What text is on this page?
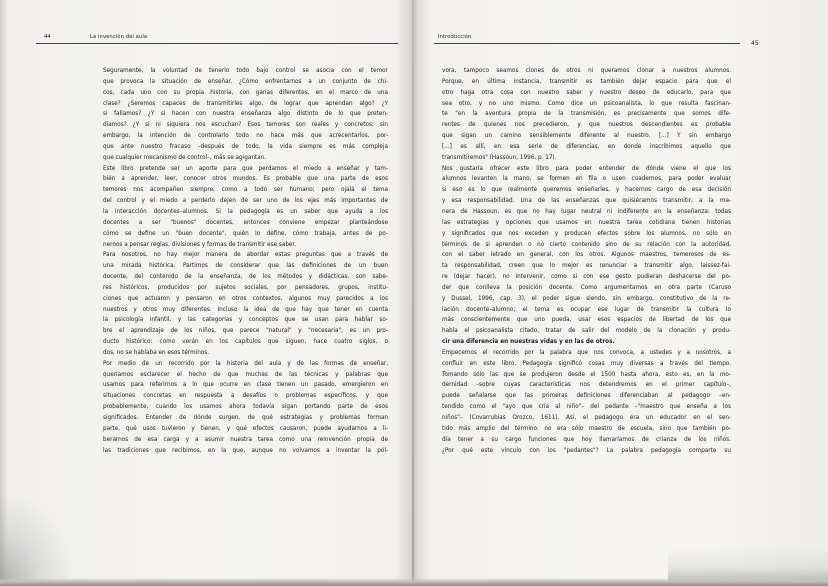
44	La invención del aula
Seguramente, la voluntad de tenerlo todo bajo control se asocia con el temor
que provoca la situación de enseñar. ¿Cómo enfrentarnos a un conjunto de chi-
cos, cada uno con su propia historia, con ganas diferentes, en el marco de una
clase? ¿Seremos capaces de transmitirles algo, de lograr que aprendan algo? ¿Y
si fallamos? ¿Y si hacen con nuestra enseñanza algo distinto de lo que preten-
díamos? ¿Y si ni siquiera nos escuchan? Esos temores son reales y concretos; sin
embargo, la intención de controlarlo todo no hace más que acrecentarlos, por-
que ante nuestro fracaso –después de todo, la vida siempre es más compleja
que cualquier mecanismo de control–, más se agigantan.
Este libro pretende ser un aporte para que perdamos el miedo a enseñar y tam-
bién a aprender, leer, conocer otros mundos. Es probable que una parte de esos
temores nos acompañen siempre, como a todo ser humano; pero ojalá el tema
del control y el miedo a perderlo dejen de ser uno de los ejes más importantes de
la interacción docentes–alumnos. Si la pedagogía es un saber que ayuda a los
docentes a ser "buenos" docentes, entonces conviene empezar planteándose
cómo se define un "buen docente", quién lo define, cómo trabaja, antes de po-
nernos a pensar reglas, divisiones y formas de transmitir ese saber.
Para nosotros, no hay mejor manera de abordar estas preguntas que a través de
una mirada histórica. Partimos de considerar que las definiciones de un buen
docente, del contenido de la enseñanza, de los métodos y didácticas, son sabe-
res históricos, producidos por sujetos sociales, por pensadores, grupos, institu-
ciones que actuaron y pensaron en otros contextos, algunos muy parecidos a los
nuestros y otros muy diferentes. Incluso la idea de que hay que tener en cuenta
la psicología infantil, y las categorías y conceptos que se usan para hablar so-
bre el aprendizaje de los niños, que parece "natural" y "necesaria", es un pro-
ducto histórico: como verán en los capítulos que siguen, hace cuatro siglos, o
dos, no se hablaba en esos términos.
Por medio de un recorrido por la historia del aula y de las formas de enseñar,
queríamos esclarecer el hecho de que muchas de las técnicas y palabras que
usamos para referirnos a lo que ocurre en clase tienen un pasado, emergieron en
situaciones concretas en respuesta a desafíos o problemas específicos, y que
probablemente, cuando los usamos ahora todavía sigan portando parte de esos
significados. Entender de dónde surgen, de qué estrategias y problemas forman
parte, qué usos tuvieron y tienen, y qué efectos causaron, puede ayudarnos a li-
berarnos de esa carga y a asumir nuestra tarea como una reinvención propia de
las tradiciones que recibimos, en la que, aunque no volvamos a inventar la pól-
Introducción
45
vora, tampoco seamos clones de otros ni queramos clonar a nuestros alumnos.
Porque, en última instancia, transmitir es también dejar espacio para que el
otro haga otra cosa con nuestro saber y nuestro deseo de educarlo, para que
sea otro, y no uno mismo. Como dice un psicoanalista, lo que resulta fascinan-
te "en la aventura propia de la transmisión, es precisamente que somos dife-
rentes de quienes nos precedieron, y que nuestros descendientes es probable
que sigan un camino sensiblemente diferente al nuestro. [...] Y sin embargo
[...] es allí, en esa serie de diferencias, en donde inscribimos aquello que
transmitiremos" (Hassoun, 1996, p. 17).
Nos gustaría ofrecer este libro para poder entender de dónde viene el que los
alumnos levanten la mano, se formen en fila o usen cuadernos, para poder evaluar
si eso es lo que realmente queremos enseñarles, y hacernos cargo de esa decisión
y esa responsabilidad. Una de las enseñanzas que quisiéramos transmitir, a la ma-
nera de Hassoun, es que no hay lugar neutral ni indiferente en la enseñanza: todas
las estrategias y opciones que usamos en nuestra tarea cotidiana tienen historias
y significados que nos exceden y producen efectos sobre los alumnos, no sólo en
términos de si aprenden o no cierto contenido sino de su relación con la autoridad,
con el saber letrado en general, con los otros. Algunos maestros, temerosos de es-
ta responsabilidad, creen que lo mejor es renunciar a transmitir algo, laissez-fai-
re (dejar hacer), no intervenir, como si con ese gesto pudieran deshacerse del po-
der que conlleva la posición docente. Como argumentamos en otra parte (Caruso
y Dussel, 1996, cap. 3), el poder sigue siendo, sin embargo, constitutivo de la re-
lación docente–alumno; el tema es ocupar ese lugar de transmitir la cultura lo
más conscientemente que uno pueda, usar esos espacios de libertad de los que
habla el psicoanalista citado, tratar de salir del modelo de la clonación y produ-
cir una diferencia en nuestras vidas y en las de otros.
Empecemos el recorrido por la palabra que nos convoca, a ustedes y a nosotros, a
confluir en este libro. Pedagogía significó cosas muy diversas a través del tiempo.
Tomando sólo las que se produjeron desde el 1500 hasta ahora, esto es, en la mo-
dernidad –sobre cuyas características nos detendremos en el primer capítulo–,
puede señalarse que las primeras definiciones diferenciaban al pedagogo –en-
tendido como el "ayo que cría al niño"– del pedante –"maestro que enseña a los
niños"– (Covarrubias Orozco, 1611). Así, el pedagogo era un educador en el sen-
tido más amplio del término: no era sólo maestro de escuela, sino que también po-
día tener a su cargo funciones que hoy llamaríamos de crianza de los niños.
¿Por qué este vínculo con los "pedantes"? La palabra pedagogía comparte su
